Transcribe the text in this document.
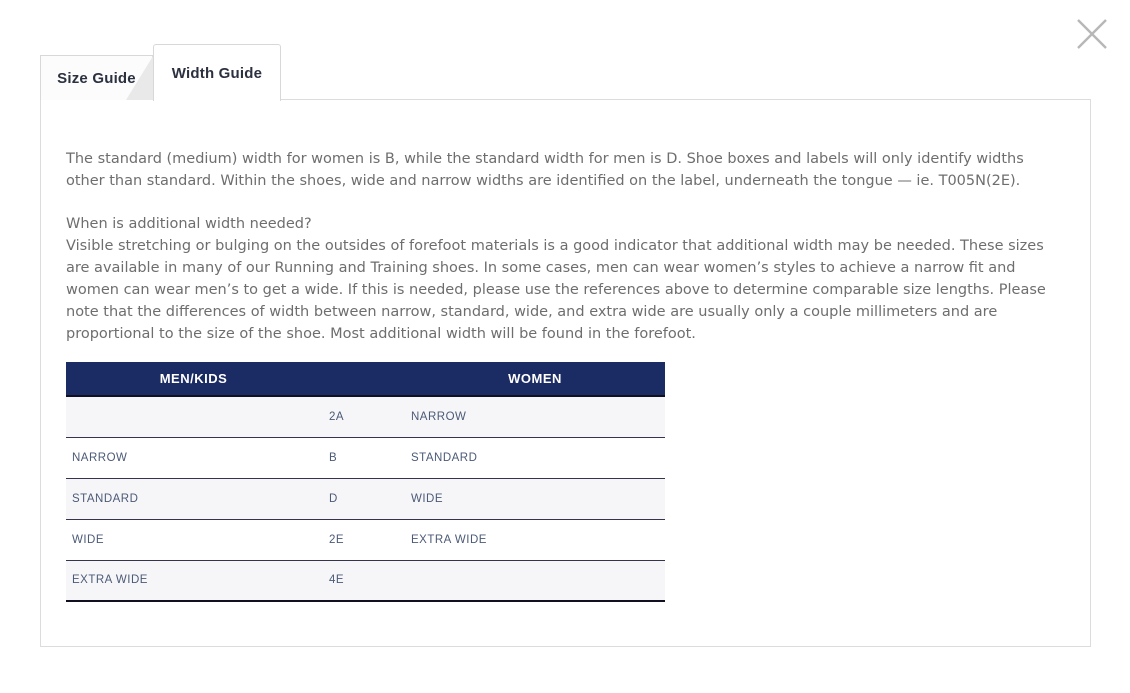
Size Guide Width Guide

The standard (medium) width for women is B, while the standard width for men is D. Shoe boxes and labels will only identify widths other than standard. Within the shoes, wide and narrow widths are identified on the label, underneath the tongue — ie. T005N(2E).

When is additional width needed?

Visible stretching or bulging on the outsides of forefoot materials is a good indicator that additional width may be needed. These sizes are available in many of our Running and Training shoes. In some cases, men can wear women’s styles to achieve a narrow fit and women can wear men’s to get a wide. If this is needed, please use the references above to determine comparable size lengths. Please note that the differences of width between narrow, standard, wide, and extra wide are usually only a couple millimeters and are proportional to the size of the shoe. Most additional width will be found in the forefoot.

MEN/KIDS		WOMEN
	2A	NARROW
NARROW	B	STANDARD
STANDARD	D	WIDE
WIDE	2E	EXTRA WIDE
EXTRA WIDE	4E	
